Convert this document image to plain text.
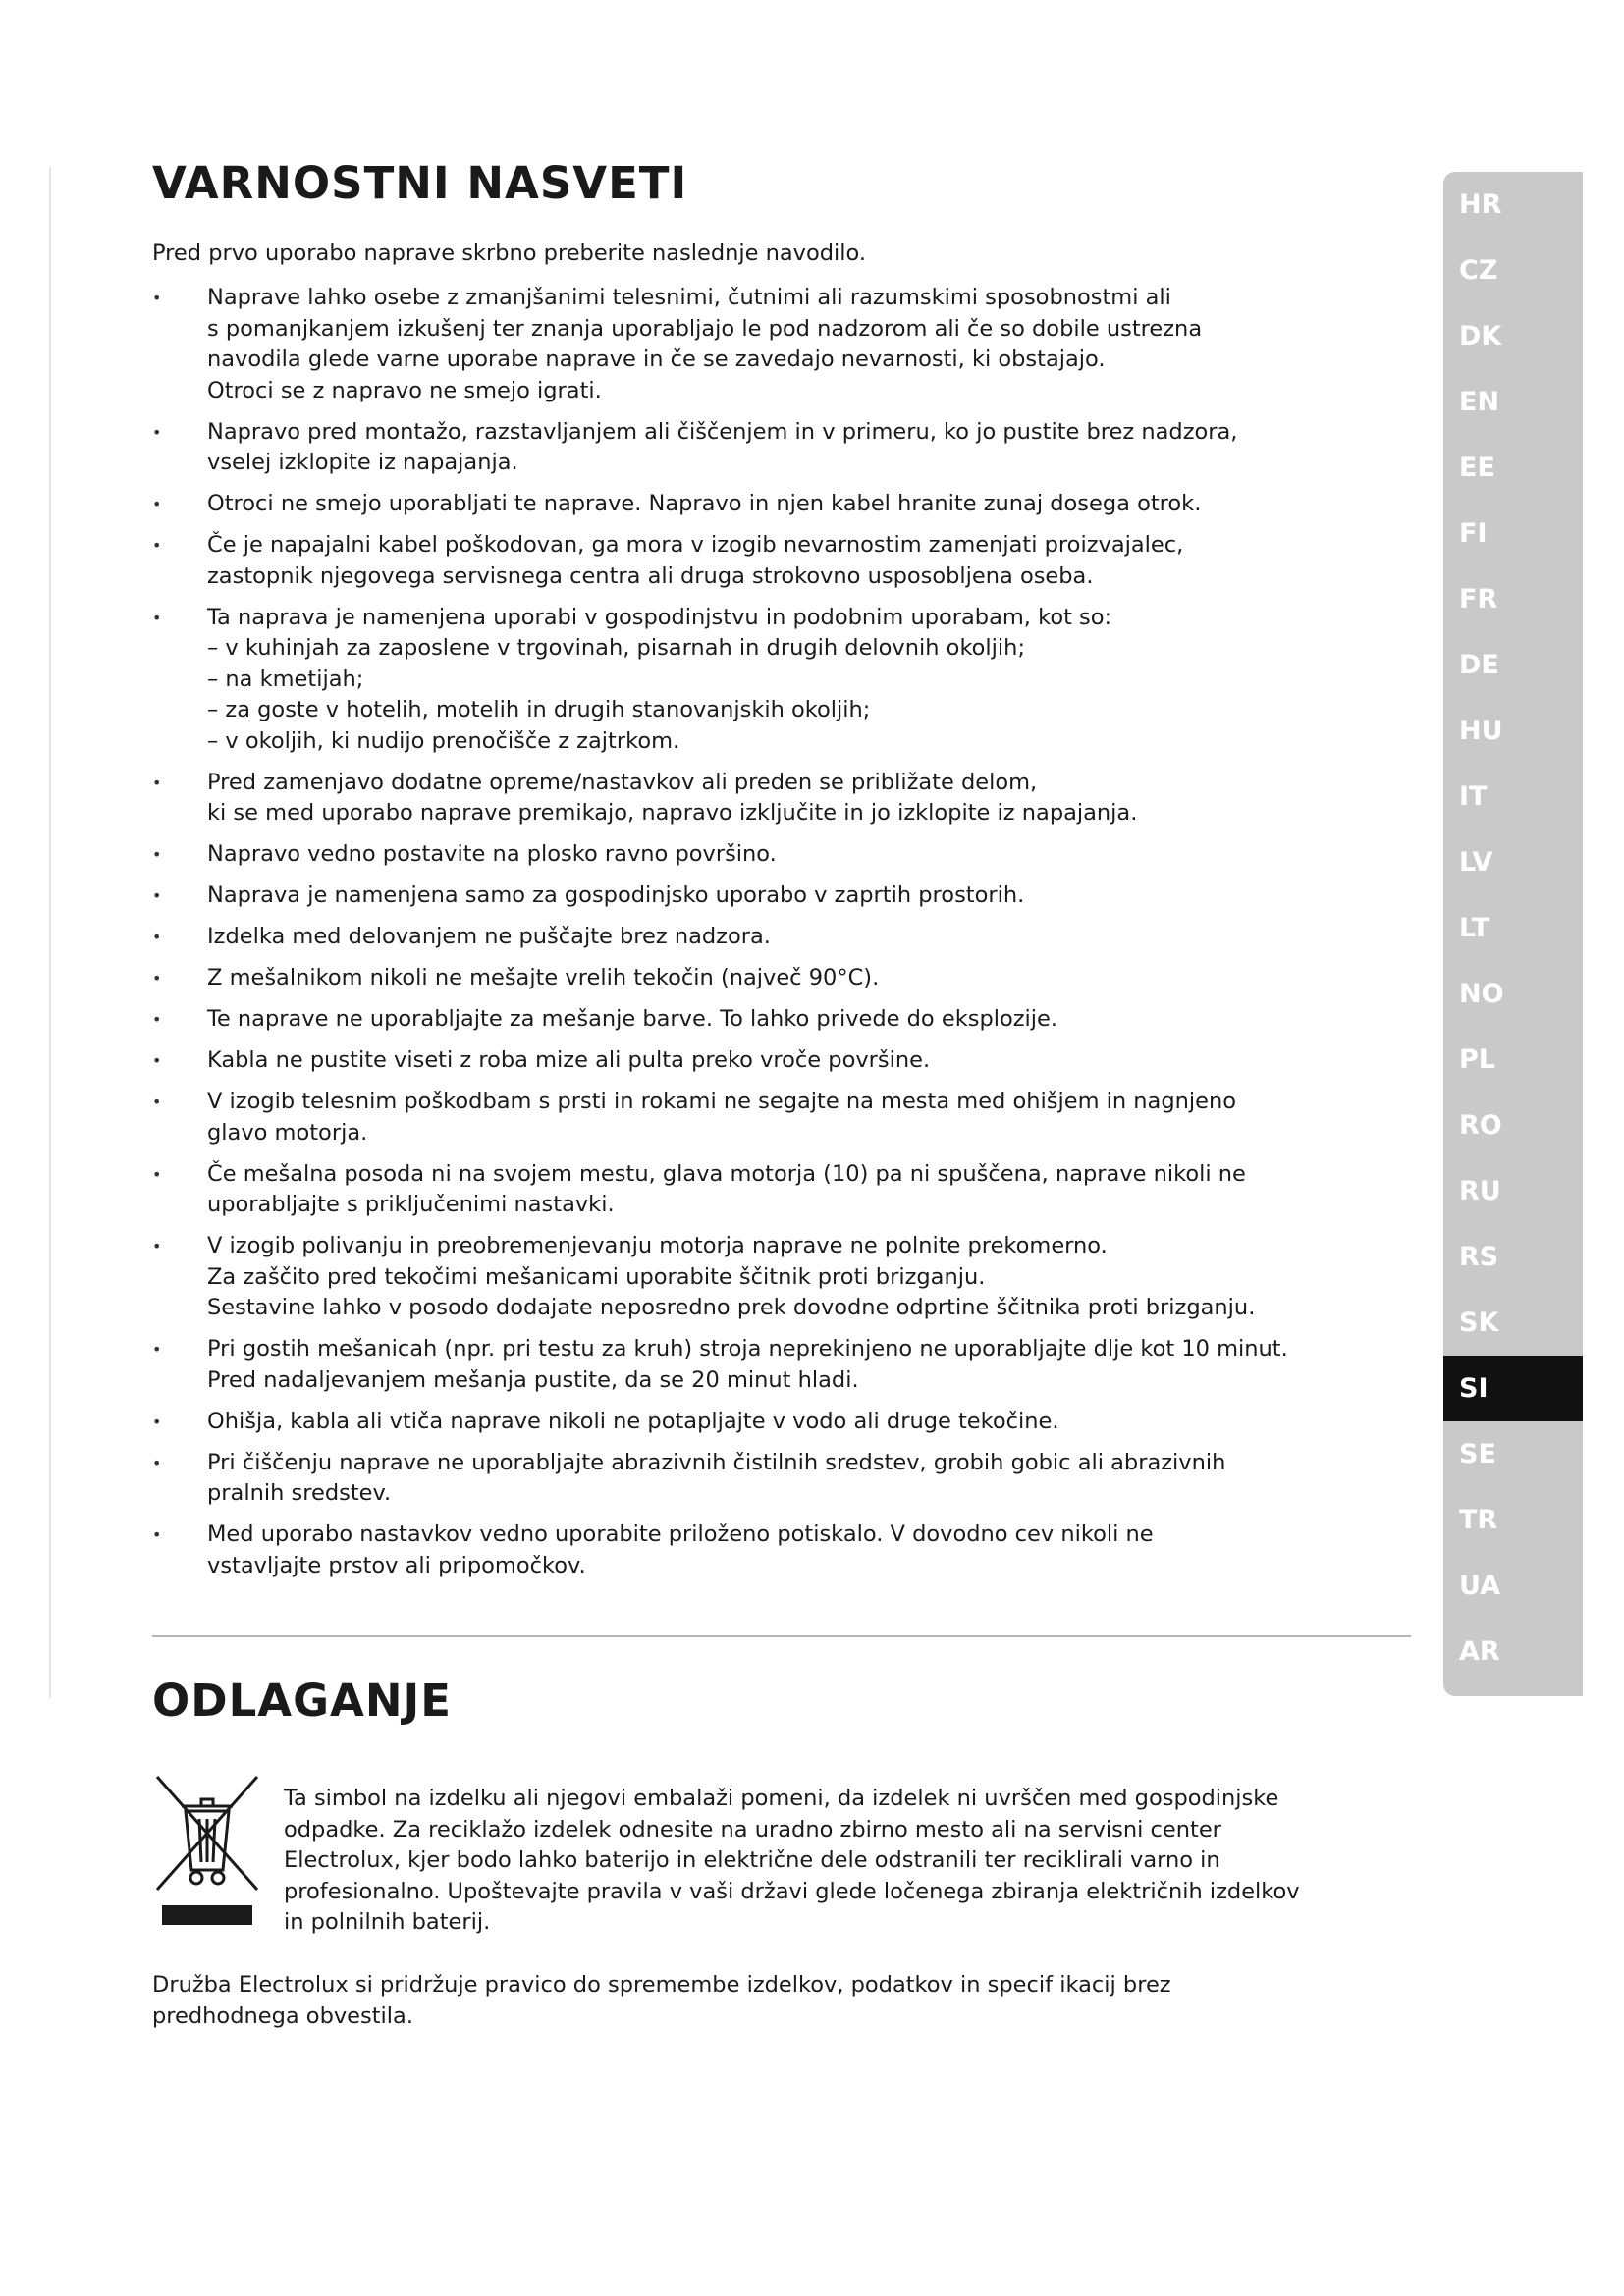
VARNOSTNI NASVETI

Pred prvo uporabo naprave skrbno preberite naslednje navodilo.

• Naprave lahko osebe z zmanjšanimi telesnimi, čutnimi ali razumskimi sposobnostmi ali
s pomanjkanjem izkušenj ter znanja uporabljajo le pod nadzorom ali če so dobile ustrezna
navodila glede varne uporabe naprave in če se zavedajo nevarnosti, ki obstajajo.
Otroci se z napravo ne smejo igrati.
• Napravo pred montažo, razstavljanjem ali čiščenjem in v primeru, ko jo pustite brez nadzora,
vselej izklopite iz napajanja.
• Otroci ne smejo uporabljati te naprave. Napravo in njen kabel hranite zunaj dosega otrok.
• Če je napajalni kabel poškodovan, ga mora v izogib nevarnostim zamenjati proizvajalec,
zastopnik njegovega servisnega centra ali druga strokovno usposobljena oseba.
• Ta naprava je namenjena uporabi v gospodinjstvu in podobnim uporabam, kot so:
– v kuhinjah za zaposlene v trgovinah, pisarnah in drugih delovnih okoljih;
– na kmetijah;
– za goste v hotelih, motelih in drugih stanovanjskih okoljih;
– v okoljih, ki nudijo prenočišče z zajtrkom.
• Pred zamenjavo dodatne opreme/nastavkov ali preden se približate delom,
ki se med uporabo naprave premikajo, napravo izključite in jo izklopite iz napajanja.
• Napravo vedno postavite na plosko ravno površino.
• Naprava je namenjena samo za gospodinjsko uporabo v zaprtih prostorih.
• Izdelka med delovanjem ne puščajte brez nadzora.
• Z mešalnikom nikoli ne mešajte vrelih tekočin (največ 90°C).
• Te naprave ne uporabljajte za mešanje barve. To lahko privede do eksplozije.
• Kabla ne pustite viseti z roba mize ali pulta preko vroče površine.
• V izogib telesnim poškodbam s prsti in rokami ne segajte na mesta med ohišjem in nagnjeno
glavo motorja.
• Če mešalna posoda ni na svojem mestu, glava motorja (10) pa ni spuščena, naprave nikoli ne
uporabljajte s priključenimi nastavki.
• V izogib polivanju in preobremenjevanju motorja naprave ne polnite prekomerno.
Za zaščito pred tekočimi mešanicami uporabite ščitnik proti brizganju.
Sestavine lahko v posodo dodajate neposredno prek dovodne odprtine ščitnika proti brizganju.
• Pri gostih mešanicah (npr. pri testu za kruh) stroja neprekinjeno ne uporabljajte dlje kot 10 minut.
Pred nadaljevanjem mešanja pustite, da se 20 minut hladi.
• Ohišja, kabla ali vtiča naprave nikoli ne potapljajte v vodo ali druge tekočine.
• Pri čiščenju naprave ne uporabljajte abrazivnih čistilnih sredstev, grobih gobic ali abrazivnih
pralnih sredstev.
• Med uporabo nastavkov vedno uporabite priloženo potiskalo. V dovodno cev nikoli ne
vstavljajte prstov ali pripomočkov.
ODLAGANJE
Ta simbol na izdelku ali njegovi embalaži pomeni, da izdelek ni uvrščen med gospodinjske
odpadke. Za reciklažo izdelek odnesite na uradno zbirno mesto ali na servisni center
Electrolux, kjer bodo lahko baterijo in električne dele odstranili ter reciklirali varno in
profesionalno. Upoštevajte pravila v vaši državi glede ločenega zbiranja električnih izdelkov
in polnilnih baterij.
Družba Electrolux si pridržuje pravico do spremembe izdelkov, podatkov in specif ikacij brez
predhodnega obvestila.
HR
CZ
DK
EN
EE
FI
FR
DE
HU
IT
LV
LT
NO
PL
RO
RU
RS
SK
SI
SE
TR
UA
AR
